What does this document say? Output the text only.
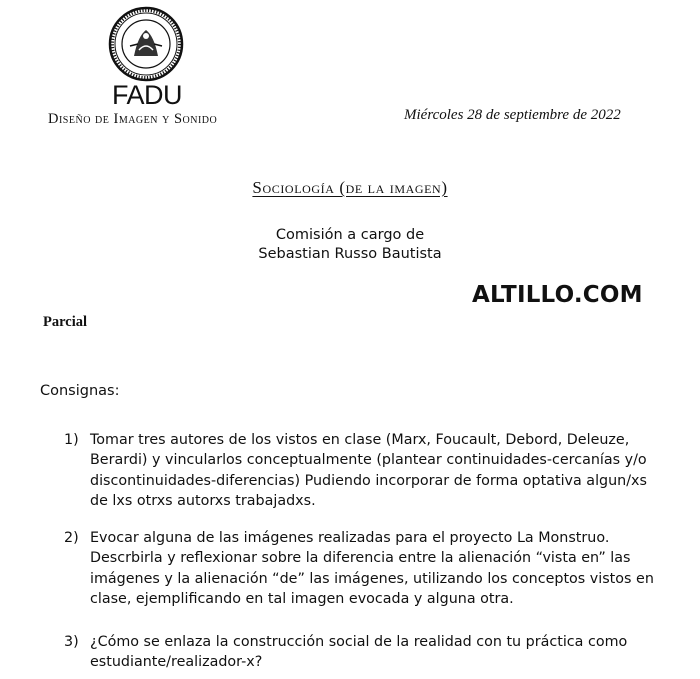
FADU
Diseño de Imagen y Sonido	Miércoles 28 de septiembre de 2022
Sociología (de la imagen)
Comisión a cargo de
Sebastian Russo Bautista
ALTILLO.COM
Parcial
Consignas:
1) Tomar tres autores de los vistos en clase (Marx, Foucault, Debord, Deleuze, Berardi) y vincularlos conceptualmente (plantear continuidades-cercanías y/o discontinuidades-diferencias) Pudiendo incorporar de forma optativa algun/xs de lxs otrxs autorxs trabajadxs.
2) Evocar alguna de las imágenes realizadas para el proyecto La Monstruo. Descrbirla y reflexionar sobre la diferencia entre la alienación “vista en” las imágenes y la alienación “de” las imágenes, utilizando los conceptos vistos en clase, ejemplificando en tal imagen evocada y alguna otra.
3) ¿Cómo se enlaza la construcción social de la realidad con tu práctica como estudiante/realizador-x?
